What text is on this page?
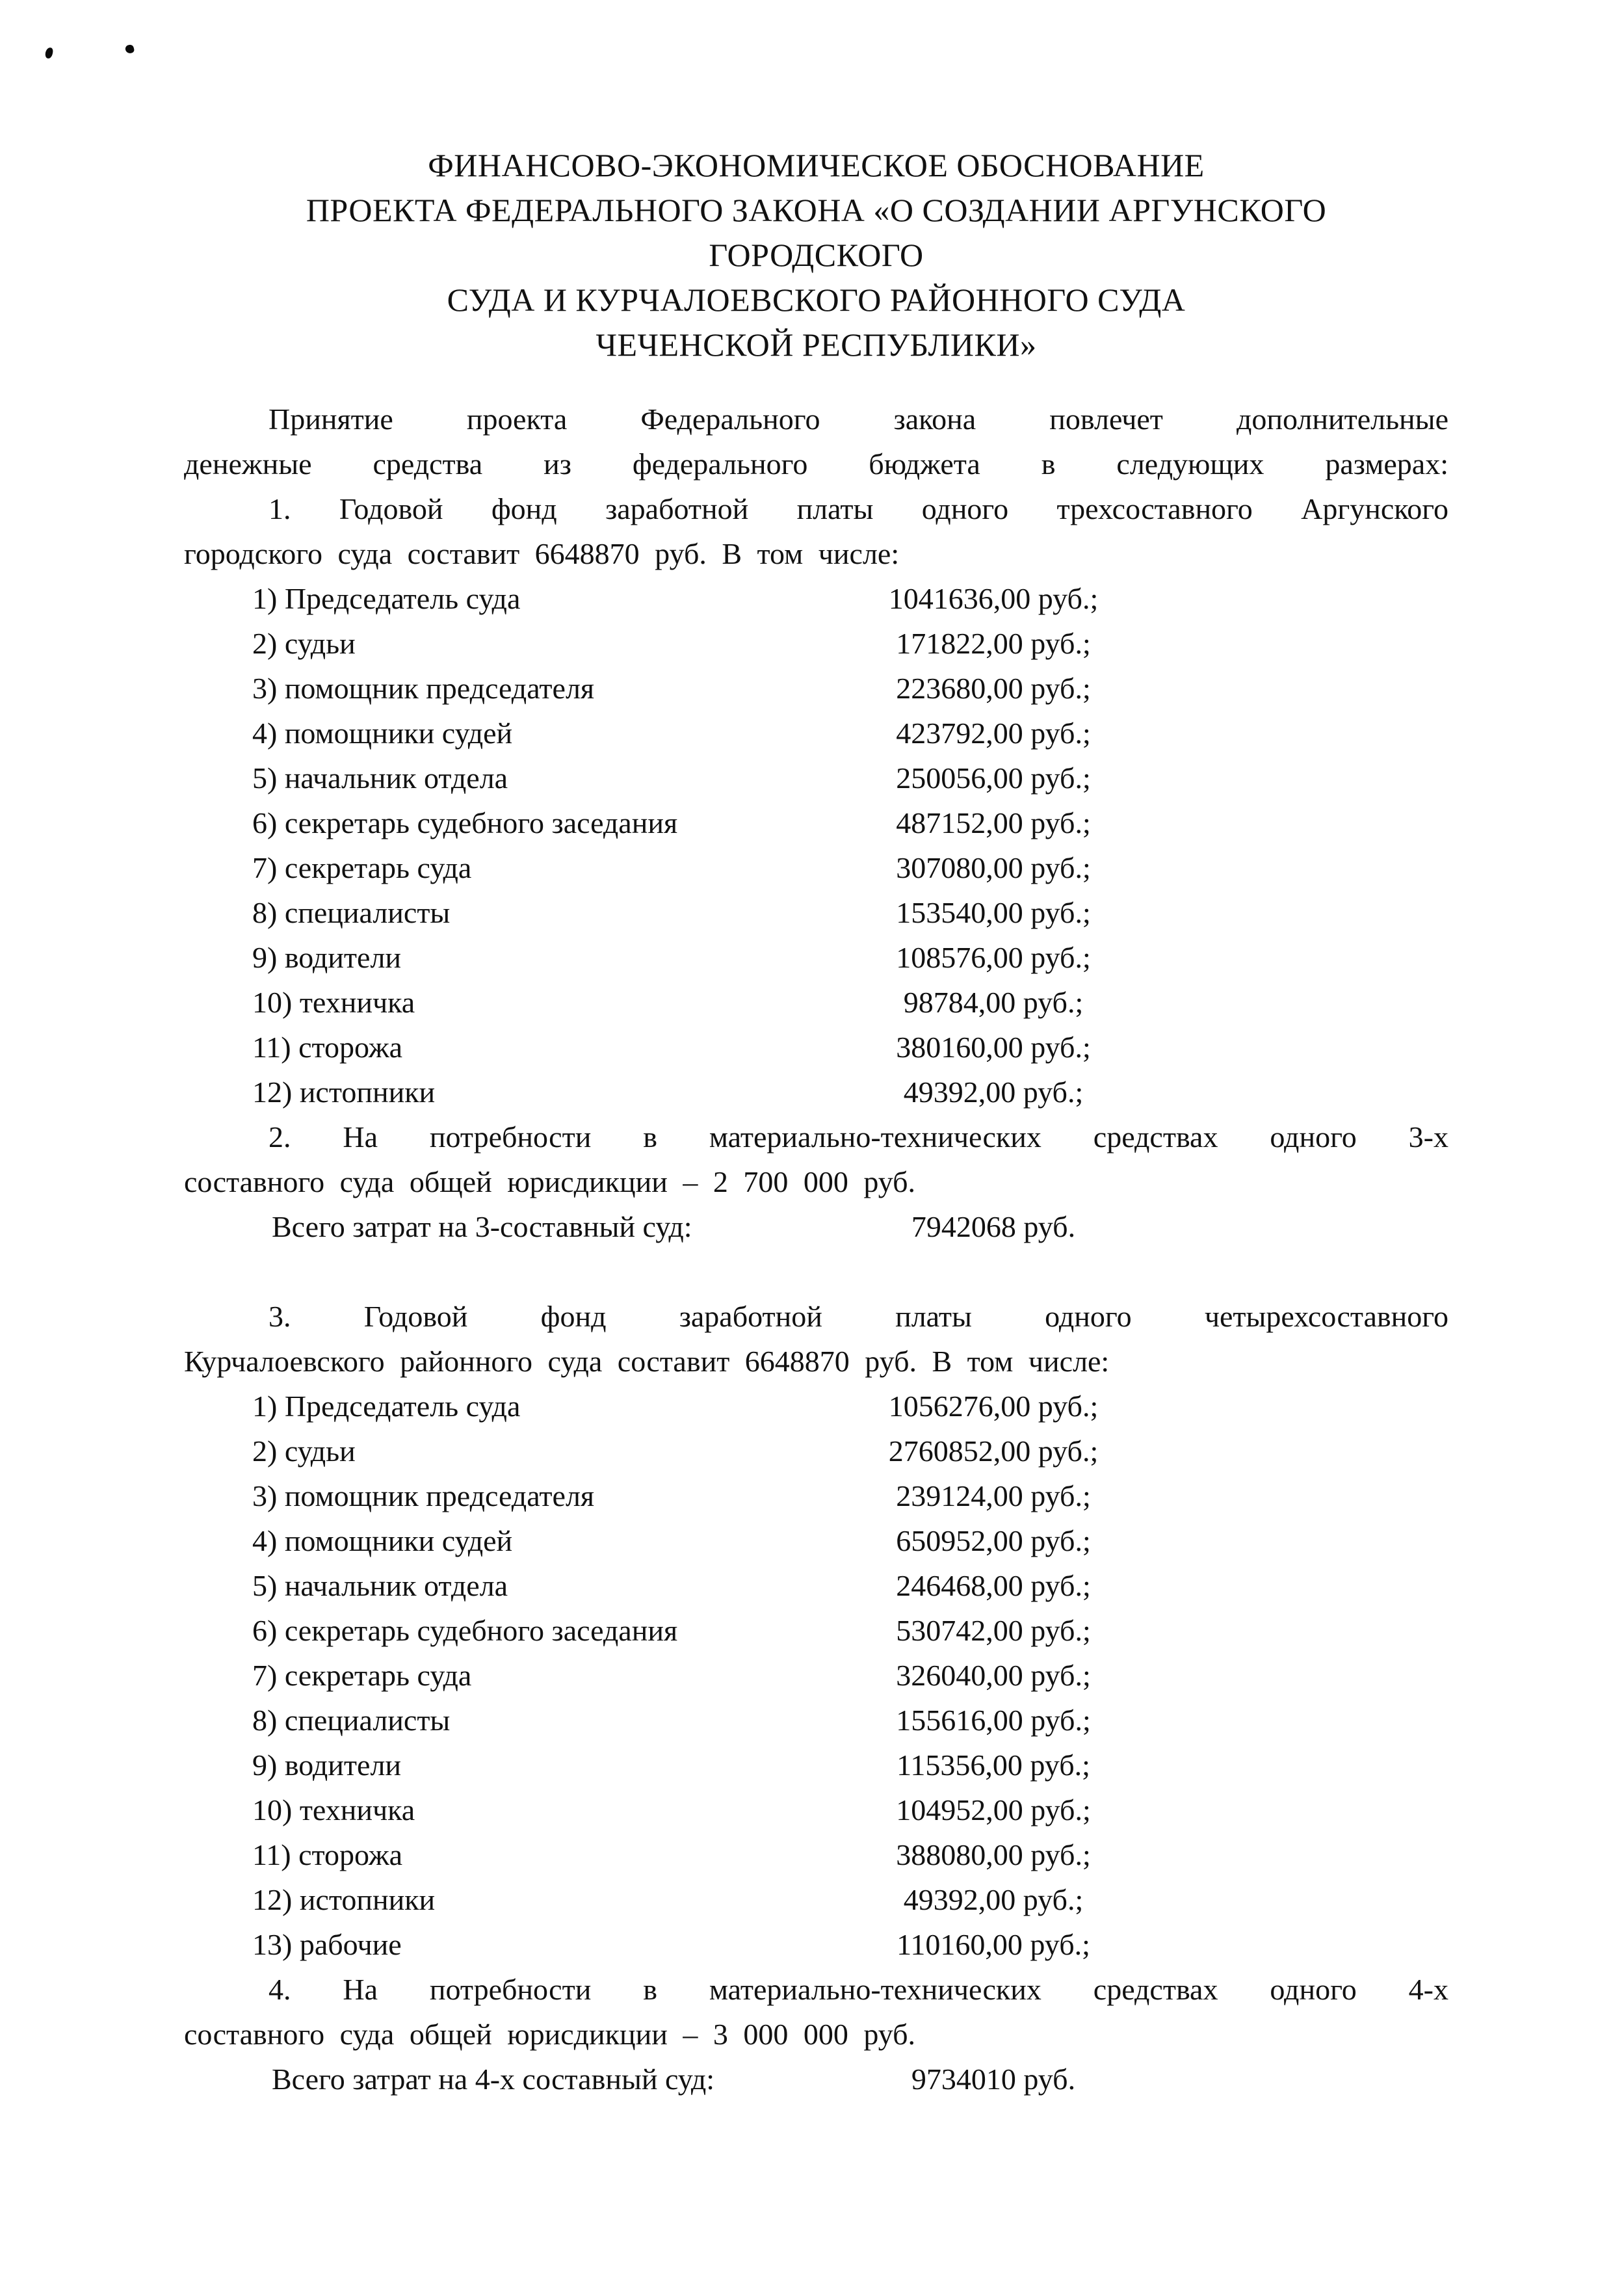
ФИНАНСОВО-ЭКОНОМИЧЕСКОЕ ОБОСНОВАНИЕ
ПРОЕКТА ФЕДЕРАЛЬНОГО ЗАКОНА «О СОЗДАНИИ АРГУНСКОГО
ГОРОДСКОГО
СУДА И КУРЧАЛОЕВСКОГО РАЙОННОГО СУДА
ЧЕЧЕНСКОЙ РЕСПУБЛИКИ»

Принятие проекта Федерального закона повлечет дополнительные
денежные средства из федерального бюджета в следующих размерах:

1. Годовой фонд заработной платы одного трехсоставного Аргунского
городского суда составит 6648870 руб. В том числе:

1) Председатель суда	1041636,00 руб.;
2) судьи	171822,00 руб.;
3) помощник председателя	223680,00 руб.;
4) помощники судей	423792,00 руб.;
5) начальник отдела	250056,00 руб.;
6) секретарь судебного заседания	487152,00 руб.;
7) секретарь суда	307080,00 руб.;
8) специалисты	153540,00 руб.;
9) водители	108576,00 руб.;
10) техничка	98784,00 руб.;
11) сторожа	380160,00 руб.;
12) истопники	49392,00 руб.;

2. На потребности в материально-технических средствах одного 3-х
составного суда общей юрисдикции – 2 700 000 руб.

Всего затрат на 3-составный суд:	7942068 руб.

3. Годовой фонд заработной платы одного четырехсоставного
Курчалоевского районного суда составит 6648870 руб. В том числе:

1) Председатель суда	1056276,00 руб.;
2) судьи	2760852,00 руб.;
3) помощник председателя	239124,00 руб.;
4) помощники судей	650952,00 руб.;
5) начальник отдела	246468,00 руб.;
6) секретарь судебного заседания	530742,00 руб.;
7) секретарь суда	326040,00 руб.;
8) специалисты	155616,00 руб.;
9) водители	115356,00 руб.;
10) техничка	104952,00 руб.;
11) сторожа	388080,00 руб.;
12) истопники	49392,00 руб.;
13) рабочие	110160,00 руб.;

4. На потребности в материально-технических средствах одного 4-х
составного суда общей юрисдикции – 3 000 000 руб.

Всего затрат на 4-х составный суд:	9734010 руб.
